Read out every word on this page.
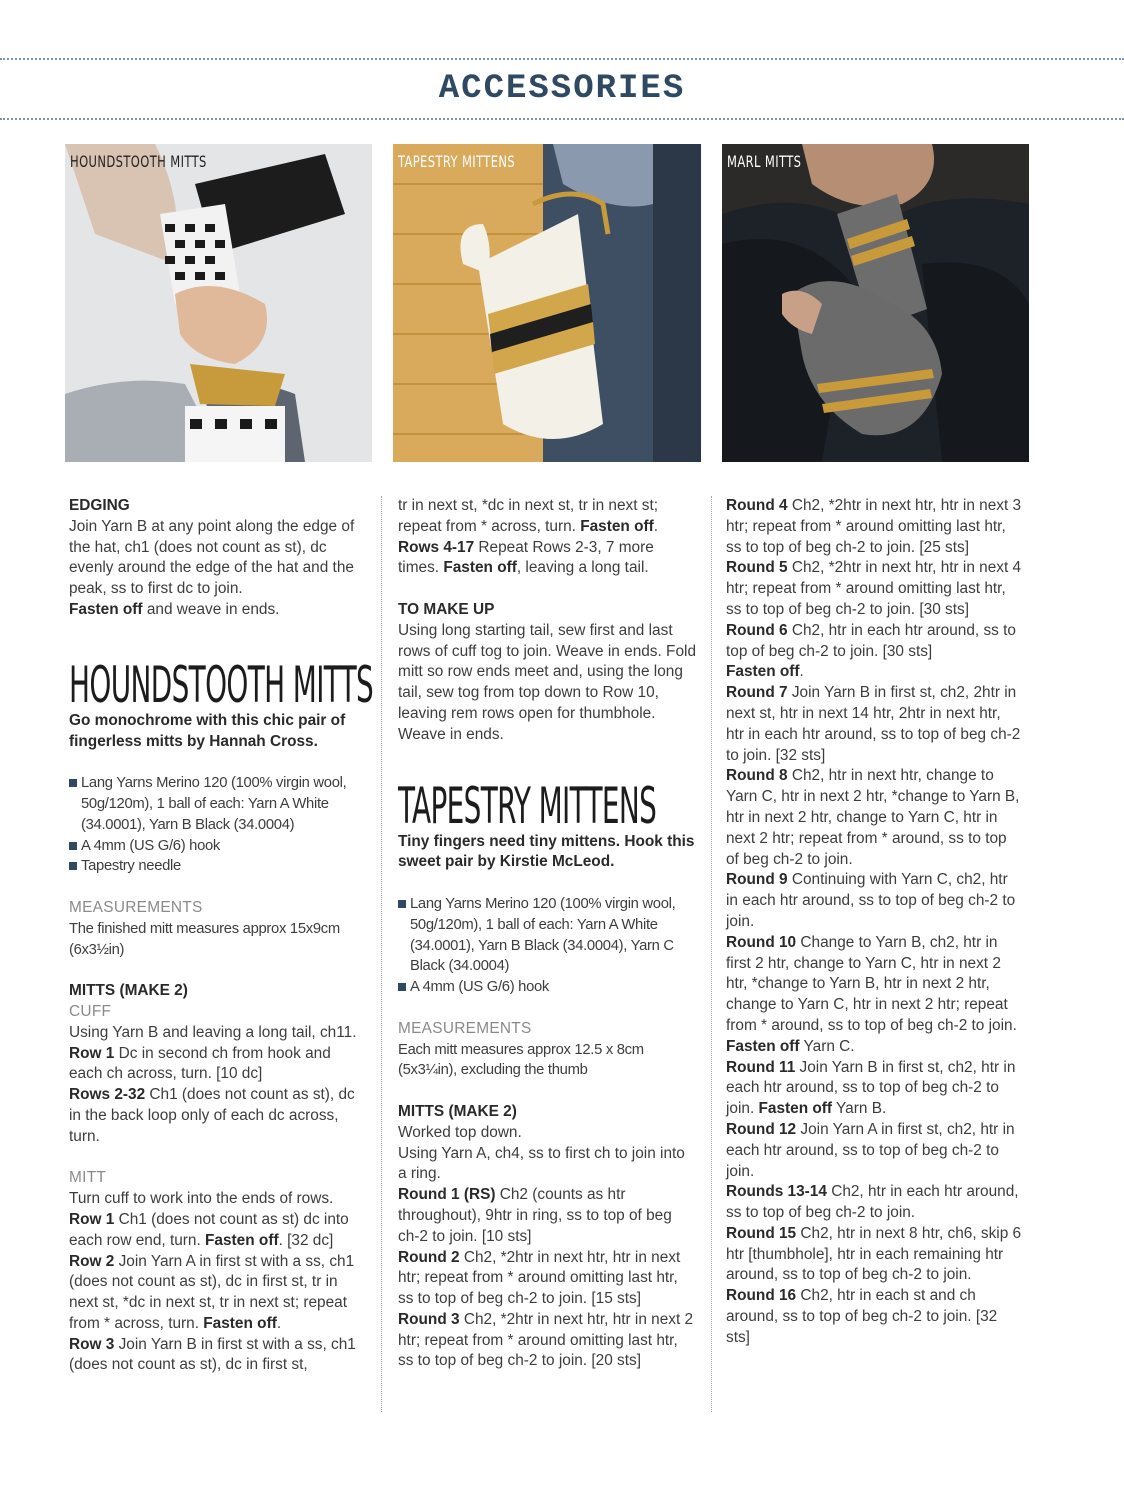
ACCESSORIES
HOUNDSTOOTH MITTS	TAPESTRY MITTENS	MARL MITTS

EDGING

Join Yarn B at any point along the edge of the hat, ch1 (does not count as st), dc evenly around the edge of the hat and the peak, ss to first dc to join.
Fasten off and weave in ends.

HOUNDSTOOTH MITTS

Go monochrome with this chic pair of fingerless mitts by Hannah Cross.

Lang Yarns Merino 120 (100% virgin wool, 50g/120m), 1 ball of each: Yarn A White (34.0001), Yarn B Black (34.0004)

A 4mm (US G/6) hook

Tapestry needle

MEASUREMENTS

The finished mitt measures approx 15x9cm (6x3½in)

MITTS (MAKE 2)

CUFF

Using Yarn B and leaving a long tail, ch11.

Row 1 Dc in second ch from hook and each ch across, turn. [10 dc]

Rows 2-32 Ch1 (does not count as st), dc in the back loop only of each dc across, turn.

MITT

Turn cuff to work into the ends of rows.

Row 1 Ch1 (does not count as st) dc into each row end, turn. Fasten off. [32 dc]

Row 2 Join Yarn A in first st with a ss, ch1 (does not count as st), dc in first st, tr in next st, *dc in next st, tr in next st; repeat from * across, turn. Fasten off.

Row 3 Join Yarn B in first st with a ss, ch1 (does not count as st), dc in first st,

tr in next st, *dc in next st, tr in next st; repeat from * across, turn. Fasten off.

Rows 4-17 Repeat Rows 2-3, 7 more times. Fasten off, leaving a long tail.

TO MAKE UP

Using long starting tail, sew first and last rows of cuff tog to join. Weave in ends. Fold mitt so row ends meet and, using the long tail, sew tog from top down to Row 10, leaving rem rows open for thumbhole. Weave in ends.

TAPESTRY MITTENS

Tiny fingers need tiny mittens. Hook this sweet pair by Kirstie McLeod.

Lang Yarns Merino 120 (100% virgin wool, 50g/120m), 1 ball of each: Yarn A White (34.0001), Yarn B Black (34.0004), Yarn C Black (34.0004)

A 4mm (US G/6) hook

MEASUREMENTS

Each mitt measures approx 12.5 x 8cm (5x3¼in), excluding the thumb

MITTS (MAKE 2)

Worked top down.

Using Yarn A, ch4, ss to first ch to join into a ring.

Round 1 (RS) Ch2 (counts as htr throughout), 9htr in ring, ss to top of beg ch-2 to join. [10 sts]

Round 2 Ch2, *2htr in next htr, htr in next htr; repeat from * around omitting last htr, ss to top of beg ch-2 to join. [15 sts]

Round 3 Ch2, *2htr in next htr, htr in next 2 htr; repeat from * around omitting last htr, ss to top of beg ch-2 to join. [20 sts]

Round 4 Ch2, *2htr in next htr, htr in next 3 htr; repeat from * around omitting last htr, ss to top of beg ch-2 to join. [25 sts]

Round 5 Ch2, *2htr in next htr, htr in next 4 htr; repeat from * around omitting last htr, ss to top of beg ch-2 to join. [30 sts]

Round 6 Ch2, htr in each htr around, ss to top of beg ch-2 to join. [30 sts]
Fasten off.

Round 7 Join Yarn B in first st, ch2, 2htr in next st, htr in next 14 htr, 2htr in next htr, htr in each htr around, ss to top of beg ch-2 to join. [32 sts]

Round 8 Ch2, htr in next htr, change to Yarn C, htr in next 2 htr, *change to Yarn B, htr in next 2 htr, change to Yarn C, htr in next 2 htr; repeat from * around, ss to top of beg ch-2 to join.

Round 9 Continuing with Yarn C, ch2, htr in each htr around, ss to top of beg ch-2 to join.

Round 10 Change to Yarn B, ch2, htr in first 2 htr, change to Yarn C, htr in next 2 htr, *change to Yarn B, htr in next 2 htr, change to Yarn C, htr in next 2 htr; repeat from * around, ss to top of beg ch-2 to join. Fasten off Yarn C.

Round 11 Join Yarn B in first st, ch2, htr in each htr around, ss to top of beg ch-2 to join. Fasten off Yarn B.

Round 12 Join Yarn A in first st, ch2, htr in each htr around, ss to top of beg ch-2 to join.

Rounds 13-14 Ch2, htr in each htr around, ss to top of beg ch-2 to join.

Round 15 Ch2, htr in next 8 htr, ch6, skip 6 htr [thumbhole], htr in each remaining htr around, ss to top of beg ch-2 to join.

Round 16 Ch2, htr in each st and ch around, ss to top of beg ch-2 to join. [32 sts]
